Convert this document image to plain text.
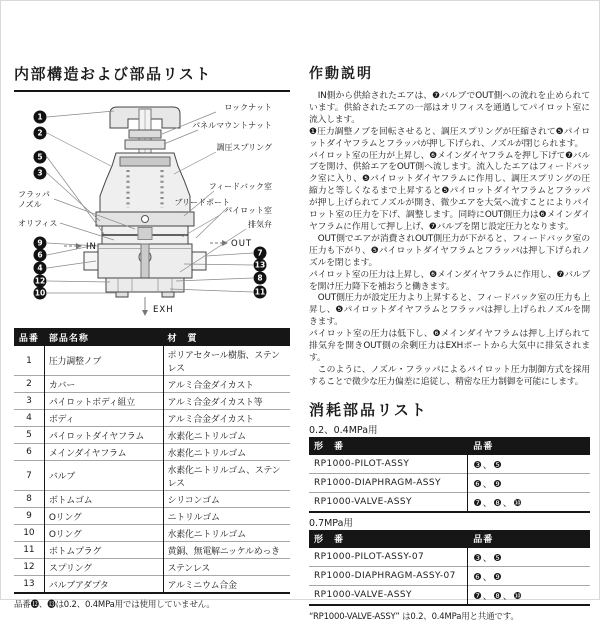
内部構造および部品リスト
1
2
5
3
9
6
4
12
10
7
13
8
11
フラッパ
ノズル
オリフィス
ロックナット
パネルマウントナット
調圧スプリング
フィードバック室
ブリードポート
パイロット室
排気弁
IN	OUT
EXH
品番	部品名称	材　質
1	圧力調整ノブ	ポリアセタール樹脂、ステンレス
2	カバー	アルミ合金ダイカスト
3	パイロットボディ組立	アルミ合金ダイカスト等
4	ボディ	アルミ合金ダイカスト
5	パイロットダイヤフラム	水素化ニトリルゴム
6	メインダイヤフラム	水素化ニトリルゴム
7	バルブ	水素化ニトリルゴム、ステンレス
8	ボトムゴム	シリコンゴム
9	Oリング	ニトリルゴム
10	Oリング	水素化ニトリルゴム
11	ボトムプラグ	黄銅、無電解ニッケルめっき
12	スプリング	ステンレス
13	バルブアダプタ	アルミニウム合金

品番⓬、⓭は0.2、0.4MPa用では使用していません。

作動説明

　IN側から供給されたエアは、❼バルブでOUT側への流れを止められています。供給されたエアの一部はオリフィスを通過してパイロット室に流入します。

❶圧力調整ノブを回転させると、調圧スプリングが圧縮されて❺パイロットダイヤフラムとフラッパが押し下げられ、ノズルが閉じられます。

パイロット室の圧力が上昇し、❻メインダイヤフラムを押し下げて❼バルブを開け、供給エアをOUT側へ流します。流入したエアはフィードバック室に入り、❺パイロットダイヤフラムに作用し、調圧スプリングの圧縮力と等しくなるまで上昇すると❺パイロットダイヤフラムとフラッパが押し上げられてノズルが開き、微少エアを大気へ流すことによりパイロット室の圧力を下げ、調整します。同時にOUT側圧力は❻メインダイヤフラムに作用して押し上げ、❼バルブを閉じ設定圧力となります。

　OUT側でエアが消費されOUT側圧力が下がると、フィードバック室の圧力も下がり、❺パイロットダイヤフラムとフラッパは押し下げられノズルを閉じます。

パイロット室の圧力は上昇し、❻メインダイヤフラムに作用し、❼バルブを開け圧力降下を補おうと働きます。

　OUT側圧力が設定圧力より上昇すると、フィードバック室の圧力も上昇し、❺パイロットダイヤフラムとフラッパは押し上げられノズルを開きます。

パイロット室の圧力は低下し、❻メインダイヤフラムは押し上げられて排気弁を開きOUT側の余剰圧力はEXHポートから大気中に排気されます。

　このように、ノズル・フラッパによるパイロット圧力制御方式を採用することで微少な圧力偏差に追従し、精密な圧力制御を可能にします。

消耗部品リスト
0.2、0.4MPa用
形　番	品番
RP1000-PILOT-ASSY	❸、❺
RP1000-DIAPHRAGM-ASSY	❻、❾
RP1000-VALVE-ASSY	❼、❽、❿
0.7MPa用
形　番	品番
RP1000-PILOT-ASSY-07	❸、❺
RP1000-DIAPHRAGM-ASSY-07	❻、❾
RP1000-VALVE-ASSY	❼、❽、❿

“RP1000-VALVE-ASSY” は0.2、0.4MPa用と共通です。
